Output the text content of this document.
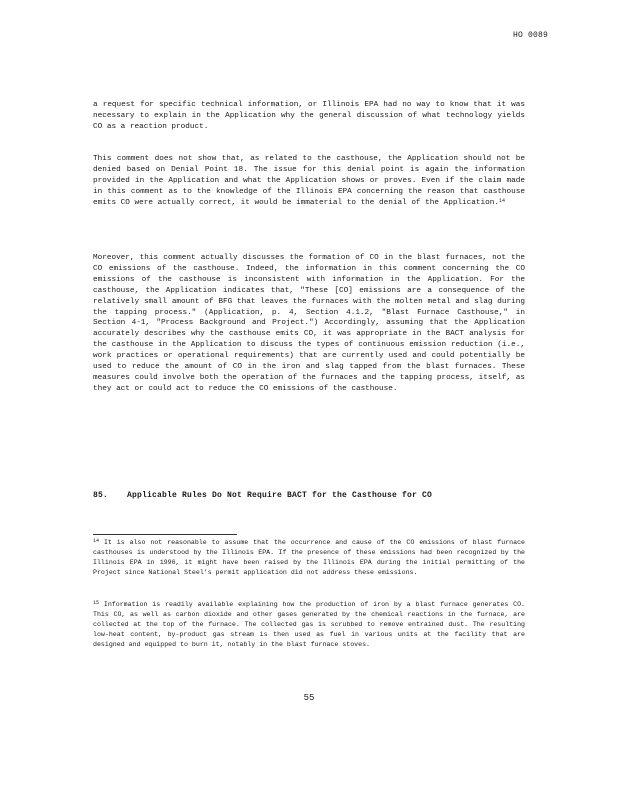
HO 0089

a request for specific technical information, or Illinois EPA had no way to know that it was necessary to explain in the Application why the general discussion of what technology yields CO as a reaction product.

This comment does not show that, as related to the casthouse, the Application should not be denied based on Denial Point 18. The issue for this denial point is again the information provided in the Application and what the Application shows or proves. Even if the claim made in this comment as to the knowledge of the Illinois EPA concerning the reason that casthouse emits CO were actually correct, it would be immaterial to the denial of the Application.$^{14}$

Moreover, this comment actually discusses the formation of CO in the blast furnaces, not the CO emissions of the casthouse. Indeed, the information in this comment concerning the CO emissions of the casthouse is inconsistent with information in the Application. For the casthouse, the Application indicates that, "These [CO] emissions are a consequence of the relatively small amount of BFG that leaves the furnaces with the molten metal and slag during the tapping process." (Application, p. 4, Section 4.1.2, "Blast Furnace Casthouse," in Section 4-1, "Process Background and Project.") Accordingly, assuming that the Application accurately describes why the casthouse emits CO, it was appropriate in the BACT analysis for the casthouse in the Application to discuss the types of continuous emission reduction (i.e., work practices or operational requirements) that are currently used and could potentially be used to reduce the amount of CO in the iron and slag tapped from the blast furnaces. These measures could involve both the operation of the furnaces and the tapping process, itself, as they act or could act to reduce the CO emissions of the casthouse.

85. Applicable Rules Do Not Require BACT for the Casthouse for CO

$^{14}$ It is also not reasonable to assume that the occurrence and cause of the CO emissions of blast furnace casthouses is understood by the Illinois EPA. If the presence of these emissions had been recognized by the Illinois EPA in 1996, it might have been raised by the Illinois EPA during the initial permitting of the Project since National Steel's permit application did not address these emissions.

$^{15}$ Information is readily available explaining how the production of iron by a blast furnace generates CO. This CO, as well as carbon dioxide and other gases generated by the chemical reactions in the furnace, are collected at the top of the furnace. The collected gas is scrubbed to remove entrained dust. The resulting low-heat content, by-product gas stream is then used as fuel in various units at the facility that are designed and equipped to burn it, notably in the blast furnace stoves.

55
